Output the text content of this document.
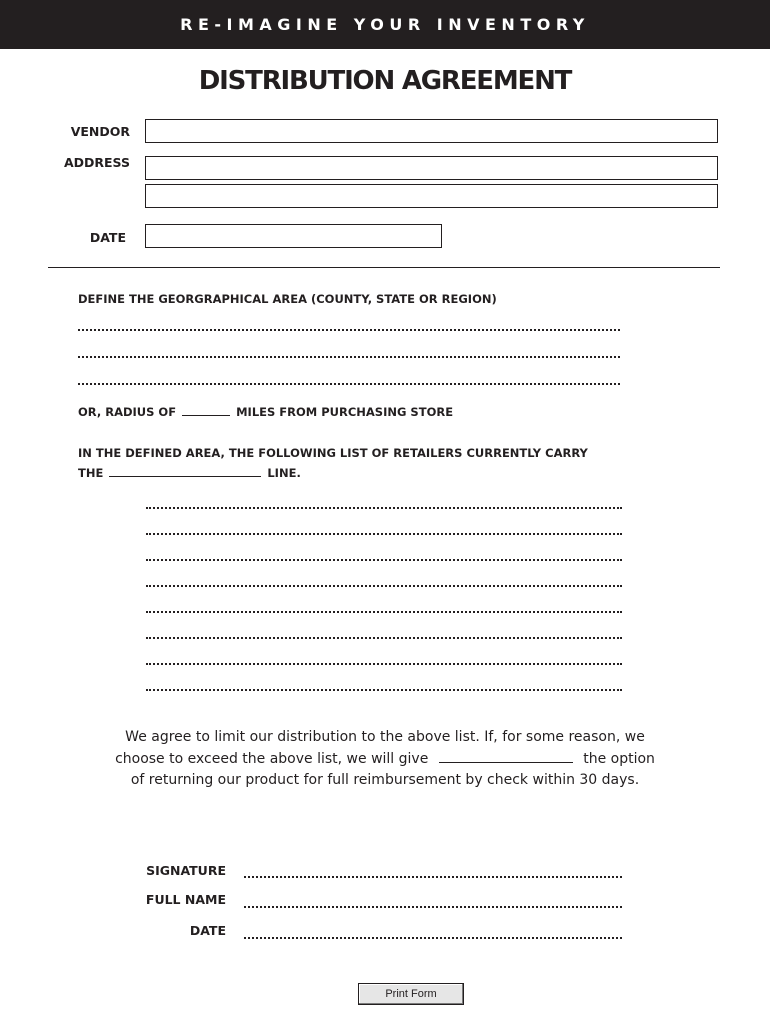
RE-IMAGINE YOUR INVENTORY
DISTRIBUTION AGREEMENT
VENDOR
ADDRESS
DATE
DEFINE THE GEORGRAPHICAL AREA (COUNTY, STATE OR REGION)
OR, RADIUS OF	MILES FROM PURCHASING STORE
IN THE DEFINED AREA, THE FOLLOWING LIST OF RETAILERS CURRENTLY CARRY
THE	LINE.
We agree to limit our distribution to the above list. If, for some reason, we
choose to exceed the above list, we will give	the option
of returning our product for full reimbursement by check within 30 days.
SIGNATURE
FULL NAME
DATE
Print Form
